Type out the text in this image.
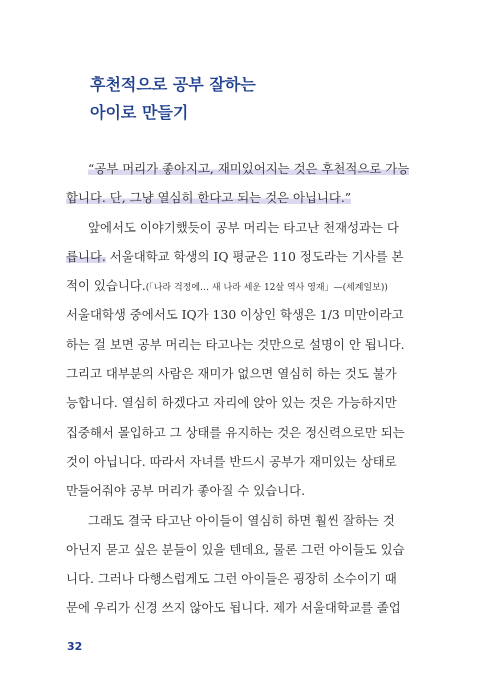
후천적으로 공부 잘하는
아이로 만들기
“공부 머리가 좋아지고, 재미있어지는 것은 후천적으로 가능
합니다. 단, 그냥 열심히 한다고 되는 것은 아닙니다.”
앞에서도 이야기했듯이 공부 머리는 타고난 천재성과는 다
릅니다. 서울대학교 학생의 IQ 평균은 110 정도라는 기사를 본
적이 있습니다.(「나라 걱정에… 새 나라 세운 12살 역사 영재」—(세계일보))
서울대학생 중에서도 IQ가 130 이상인 학생은 1/3 미만이라고
하는 걸 보면 공부 머리는 타고나는 것만으로 설명이 안 됩니다.
그리고 대부분의 사람은 재미가 없으면 열심히 하는 것도 불가
능합니다. 열심히 하겠다고 자리에 앉아 있는 것은 가능하지만
집중해서 몰입하고 그 상태를 유지하는 것은 정신력으로만 되는
것이 아닙니다. 따라서 자녀를 반드시 공부가 재미있는 상태로
만들어줘야 공부 머리가 좋아질 수 있습니다.
그래도 결국 타고난 아이들이 열심히 하면 훨씬 잘하는 것
아닌지 묻고 싶은 분들이 있을 텐데요, 물론 그런 아이들도 있습
니다. 그러나 다행스럽게도 그런 아이들은 굉장히 소수이기 때
문에 우리가 신경 쓰지 않아도 됩니다. 제가 서울대학교를 졸업
32
